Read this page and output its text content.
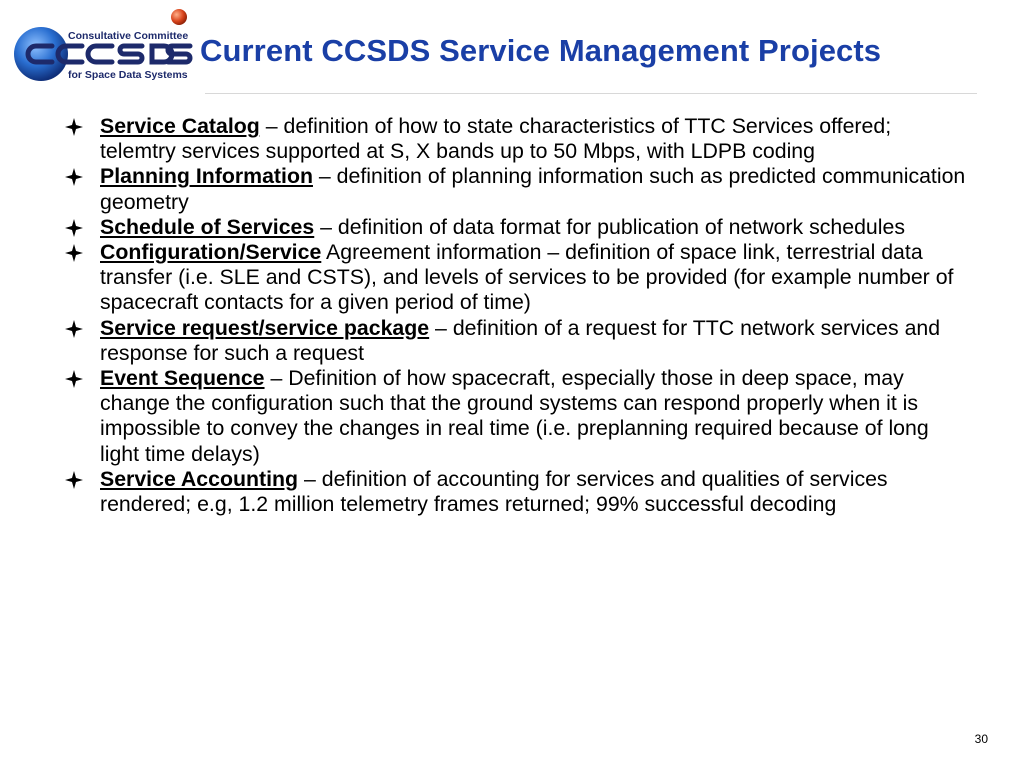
Consultative Committee
for Space Data Systems
Current CCSDS Service Management Projects
Service Catalog – definition of how to state characteristics of TTC Services offered; telemtry services supported at S, X bands up to 50 Mbps, with LDPB coding
Planning Information – definition of planning information such as predicted communication geometry
Schedule of Services – definition of data format for publication of network schedules
Configuration/Service Agreement information – definition of space link, terrestrial data transfer (i.e. SLE and CSTS), and levels of services to be provided (for example number of spacecraft contacts for a given period of time)
Service request/service package – definition of a request for TTC network services and response for such a request
Event Sequence – Definition of how spacecraft, especially those in deep space, may change the configuration such that the ground systems can respond properly when it is impossible to convey the changes in real time (i.e. preplanning required because of long light time delays)
Service Accounting – definition of accounting for services and qualities of services rendered; e.g, 1.2 million telemetry frames returned; 99% successful decoding
30
